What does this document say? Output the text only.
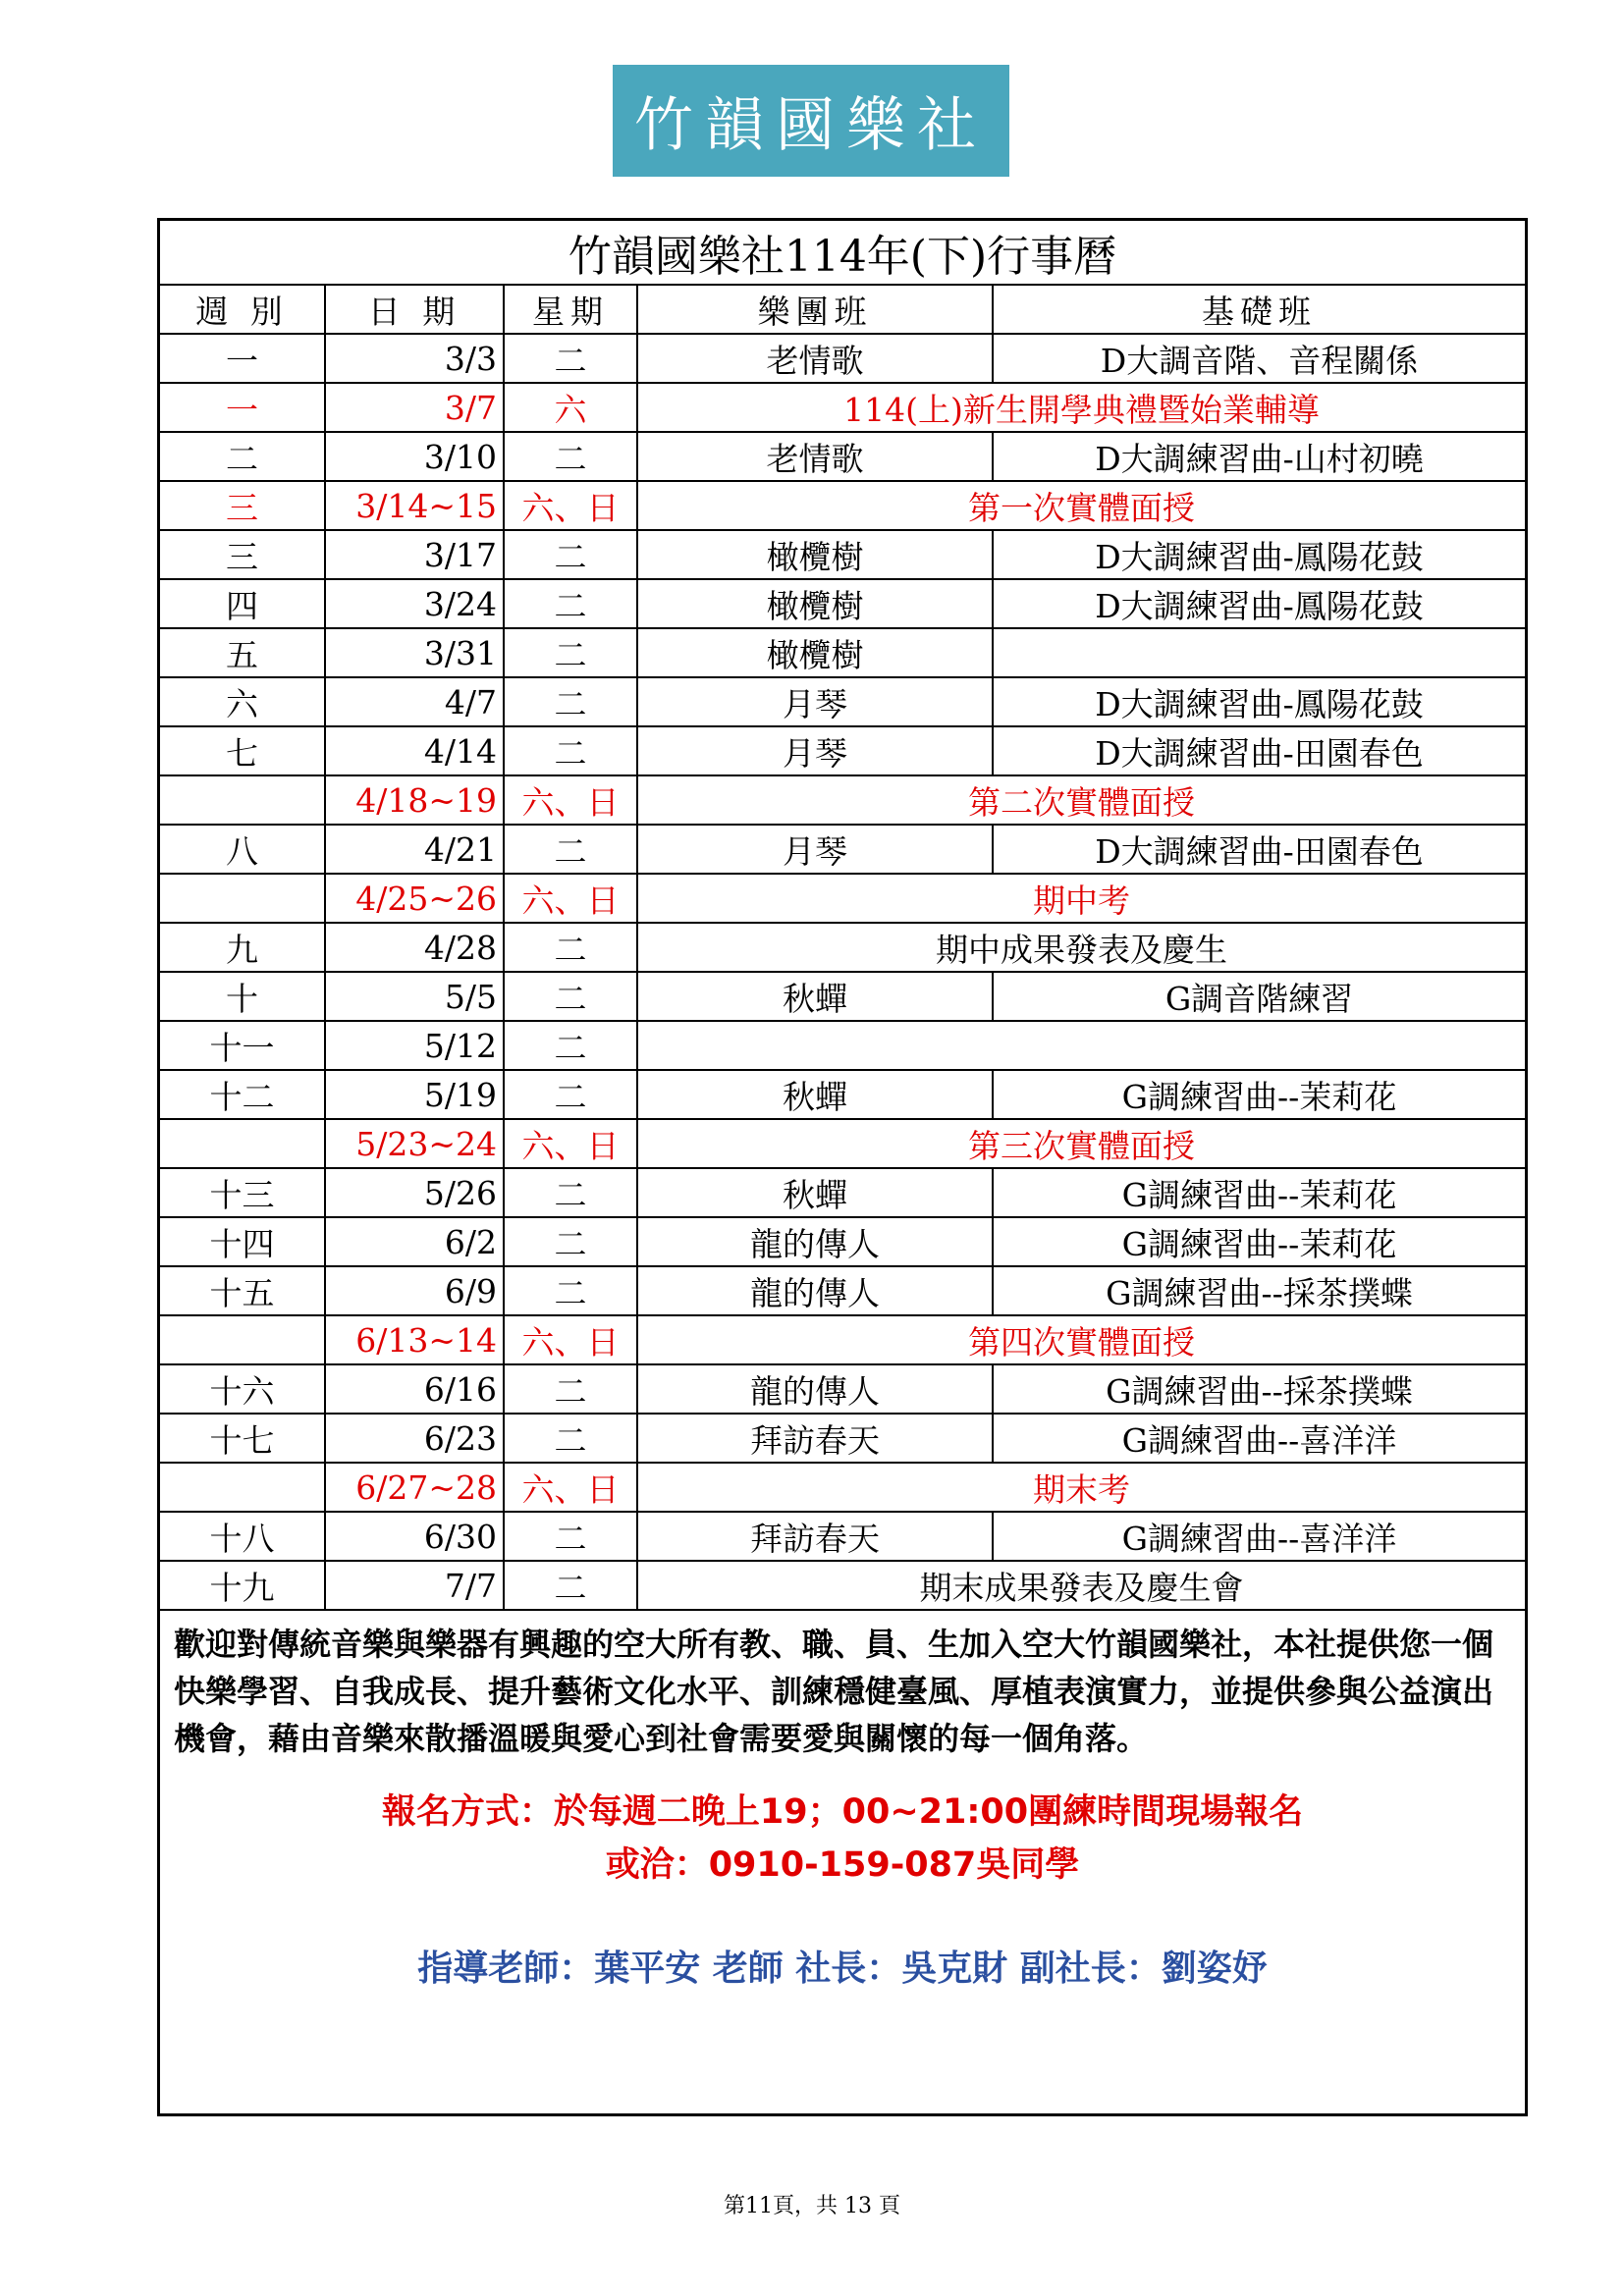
竹韻國樂社
竹韻國樂社114年(下)行事曆				
週 別	日 期	星期	樂團班	基礎班
一	3/3	二	老情歌	D大調音階、音程關係
一	3/7	六	114(上)新生開學典禮暨始業輔導	
二	3/10	二	老情歌	D大調練習曲-山村初曉
三	3/14~15	六、日	第一次實體面授	
三	3/17	二	橄欖樹	D大調練習曲-鳳陽花鼓
四	3/24	二	橄欖樹	D大調練習曲-鳳陽花鼓
五	3/31	二	橄欖樹	
六	4/7	二	月琴	D大調練習曲-鳳陽花鼓
七	4/14	二	月琴	D大調練習曲-田園春色
	4/18~19	六、日	第二次實體面授	
八	4/21	二	月琴	D大調練習曲-田園春色
	4/25~26	六、日	期中考	
九	4/28	二	期中成果發表及慶生	
十	5/5	二	秋蟬	G調音階練習
十一	5/12	二		
十二	5/19	二	秋蟬	G調練習曲--茉莉花
	5/23~24	六、日	第三次實體面授	
十三	5/26	二	秋蟬	G調練習曲--茉莉花
十四	6/2	二	龍的傳人	G調練習曲--茉莉花
十五	6/9	二	龍的傳人	G調練習曲--採茶撲蝶
	6/13~14	六、日	第四次實體面授	
十六	6/16	二	龍的傳人	G調練習曲--採茶撲蝶
十七	6/23	二	拜訪春天	G調練習曲--喜洋洋
	6/27~28	六、日	期末考	
十八	6/30	二	拜訪春天	G調練習曲--喜洋洋
十九	7/7	二	期末成果發表及慶生會	
歡迎對傳統音樂與樂器有興趣的空大所有教、職、員、生加入空大竹韻國樂社，本社提供您一個快樂學習、自我成長、提升藝術文化水平、訓練穩健臺風、厚植表演實力，並提供參與公益演出機會，藉由音樂來散播溫暖與愛心到社會需要愛與關懷的每一個角落。
報名方式：於每週二晚上19；00~21:00團練時間現場報名
或洽：0910-159-087吳同學
指導老師：葉平安 老師 社長：吳克財 副社長：劉姿妤
第11頁，共 13 頁
